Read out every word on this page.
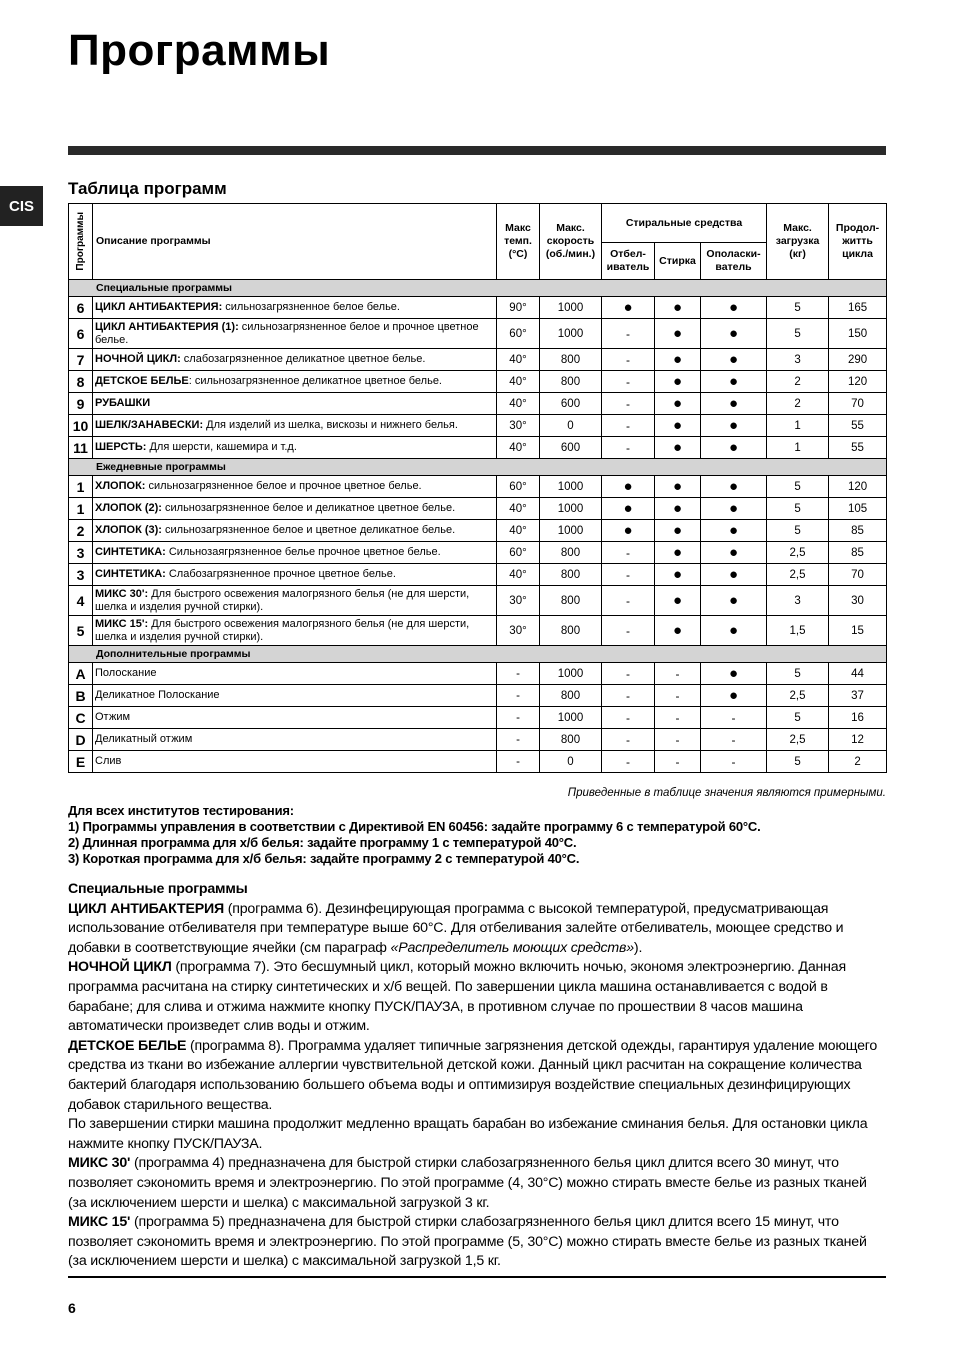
Программы
CIS
Таблица программ
Программы	Описание программы	Макс темп. (°С)	Макс. скорость (об./мин.)	Стиральные средства			Макс. загрузка (кг)	Продол- житть цикла
				Отбел- иватель	Стирка	Ополаски- ватель		
Специальные программы								
6	ЦИКЛ АНТИБАКТЕРИЯ: сильнозагрязненное белое белье.	90°	1000	●	●	●	5	165
6	ЦИКЛ АНТИБАКТЕРИЯ (1): сильнозагрязненное белое и прочное цветное белье.	60°	1000	-	●	●	5	150
7	НОЧНОЙ ЦИКЛ: слабозагрязненное деликатное цветное белье.	40°	800	-	●	●	3	290
8	ДЕТСКОЕ БЕЛЬЕ: сильнозагрязненное деликатное цветное белье.	40°	800	-	●	●	2	120
9	РУБАШКИ	40°	600	-	●	●	2	70
10	ШЕЛК/ЗАНАВЕСКИ: Для изделий из шелка, вискозы и нижнего белья.	30°	0	-	●	●	1	55
11	ШЕРСТЬ: Для шерсти, кашемира и т.д.	40°	600	-	●	●	1	55
Ежедневные программы								
1	ХЛОПОК: сильнозагрязненное белое и прочное цветное белье.	60°	1000	●	●	●	5	120
1	ХЛОПОК (2): сильнозагрязненное белое и деликатное цветное белье.	40°	1000	●	●	●	5	105
2	ХЛОПОК (3): сильнозагрязненное белое и цветное деликатное белье.	40°	1000	●	●	●	5	85
3	СИНТЕТИКА: Сильнозаягрязненное белье прочное цветное белье.	60°	800	-	●	●	2,5	85
3	СИНТЕТИКА: Слабозагрязненное прочное цветное белье.	40°	800	-	●	●	2,5	70
4	МИКС 30': Для быстрого освежения малогрязного белья (не для шерсти, шелка и изделия ручной стирки).	30°	800	-	●	●	3	30
5	МИКС 15': Для быстрого освежения малогрязного белья (не для шерсти, шелка и изделия ручной стирки).	30°	800	-	●	●	1,5	15
Дополнительные программы								
A	Полоскание	-	1000	-	-	●	5	44
B	Деликатное Полоскание	-	800	-	-	●	2,5	37
C	Отжим	-	1000	-	-	-	5	16
D	Деликатный отжим	-	800	-	-	-	2,5	12
E	Слив	-	0	-	-	-	5	2
Приведенные в таблице значения являются примерными.
Для всех институтов тестирования:
1) Программы управления в соответствии с Директивой EN 60456: задайте программу 6 с температурой 60°C.
2) Длинная программа для х/б белья: задайте программу 1 с температурой 40°C.
3) Короткая программа для х/б белья: задайте программу 2 с температурой 40°C.
Специальные программы
ЦИКЛ АНТИБАКТЕРИЯ (программа 6). Дезинфецирующая программа с высокой температурой, предусматривающая использование отбеливателя при температуре выше 60°C. Для отбеливания залейте отбеливатель, моющее средство и добавки в соответствующие ячейки (см параграф «Распределитель моющих средств»).
НОЧНОЙ ЦИКЛ (программа 7). Это бесшумный цикл, который можно включить ночью, экономя электроэнергию. Данная программа расчитана на стирку синтетических и х/б вещей. По завершении цикла машина останавливается с водой в барабане; для слива и отжима нажмите кнопку ПУСК/ПАУЗА, в противном случае по прошествии 8 часов машина автоматически произведет слив воды и отжим.
ДЕТСКОЕ БЕЛЬЕ (программа 8). Программа удаляет типичные загрязнения детской одежды, гарантируя удаление моющего средства из ткани во избежание аллергии чувствительной детской кожи. Данный цикл расчитан на сокращение количества бактерий благодаря использованию большего объема воды и оптимизируя воздействие специальных дезинфицирующих добавок старильного вещества.
По завершении стирки машина продолжит медленно вращать барабан во избежание сминания белья. Для остановки цикла нажмите кнопку ПУСК/ПАУЗА.
МИКС 30' (программа 4) предназначена для быстрой стирки слабозагрязненного белья цикл длится всего 30 минут, что позволяет сэкономить время и электроэнергию. По этой программе (4, 30°C) можно стирать вместе белье из разных тканей (за исключением шерсти и шелка) с максимальной загрузкой 3 кг.
МИКС 15' (программа 5) предназначена для быстрой стирки слабозагрязненного белья цикл длится всего 15 минут, что позволяет сэкономить время и электроэнергию. По этой программе (5, 30°C) можно стирать вместе белье из разных тканей (за исключением шерсти и шелка) с максимальной загрузкой 1,5 кг.
6
